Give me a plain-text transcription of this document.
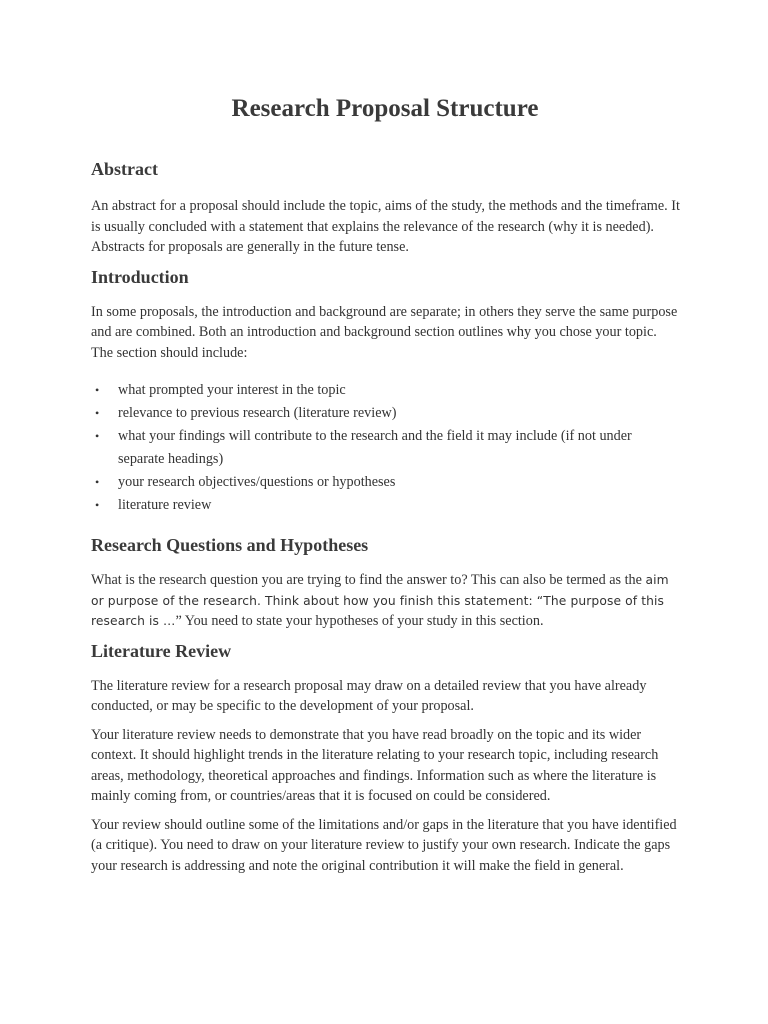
Research Proposal Structure
Abstract

An abstract for a proposal should include the topic, aims of the study, the methods and the timeframe. It is usually concluded with a statement that explains the relevance of the research (why it is needed). Abstracts for proposals are generally in the future tense.

Introduction

In some proposals, the introduction and background are separate; in others they serve the same purpose and are combined. Both an introduction and background section outlines why you chose your topic. The section should include:

• what prompted your interest in the topic
• relevance to previous research (literature review)
• what your findings will contribute to the research and the field it may include (if not under separate headings)
• your research objectives/questions or hypotheses
• literature review
Research Questions and Hypotheses

What is the research question you are trying to find the answer to? This can also be termed as the aim or purpose of the research. Think about how you finish this statement: “The purpose of this research is …” You need to state your hypotheses of your study in this section.

Literature Review

The literature review for a research proposal may draw on a detailed review that you have already conducted, or may be specific to the development of your proposal.

Your literature review needs to demonstrate that you have read broadly on the topic and its wider context. It should highlight trends in the literature relating to your research topic, including research areas, methodology, theoretical approaches and findings. Information such as where the literature is mainly coming from, or countries/areas that it is focused on could be considered.

Your review should outline some of the limitations and/or gaps in the literature that you have identified (a critique). You need to draw on your literature review to justify your own research. Indicate the gaps your research is addressing and note the original contribution it will make the field in general.
